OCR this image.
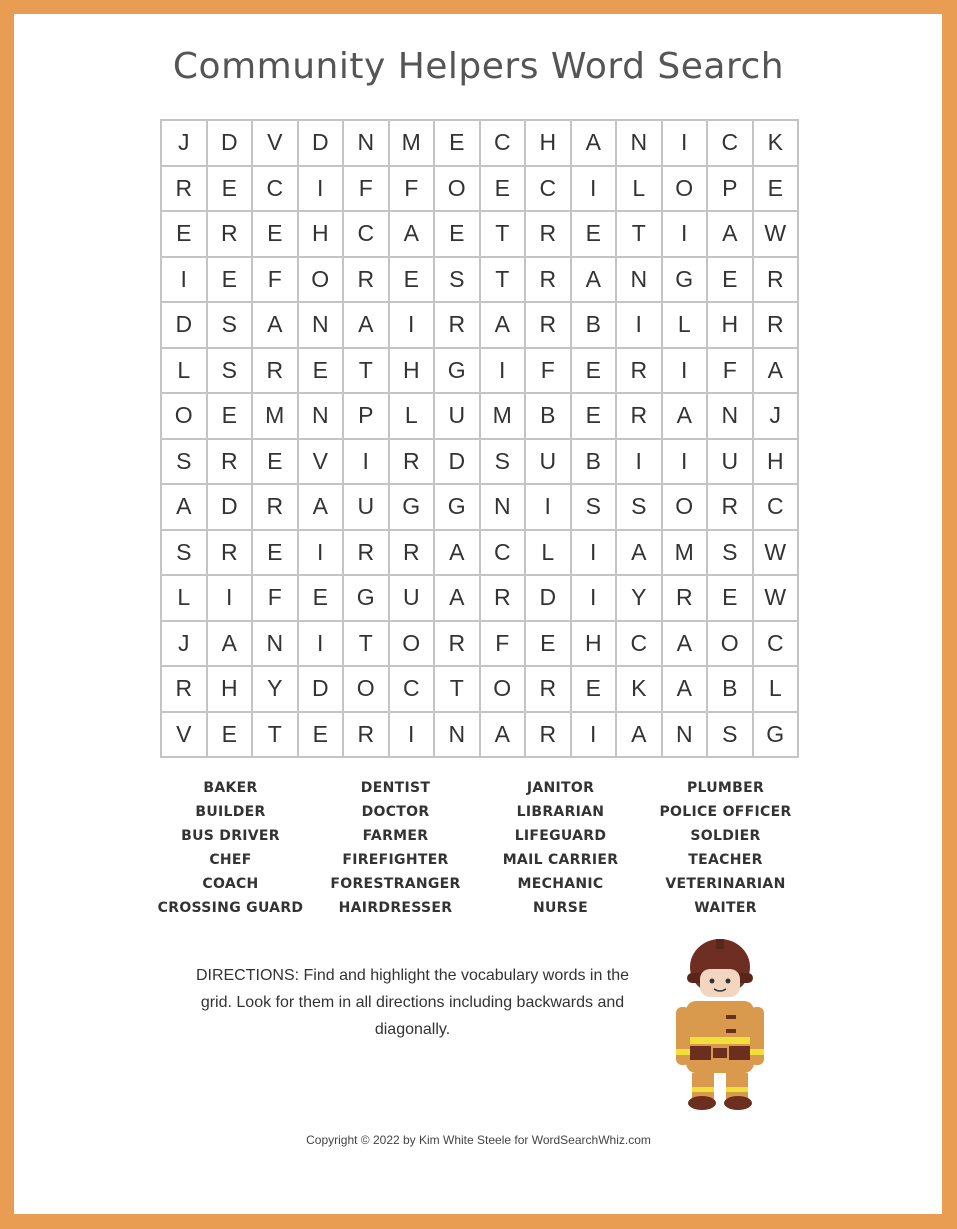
Community Helpers Word Search
J	D	V	D	N	M	E	C	H	A	N	I	C	K
R	E	C	I	F	F	O	E	C	I	L	O	P	E
E	R	E	H	C	A	E	T	R	E	T	I	A	W
I	E	F	O	R	E	S	T	R	A	N	G	E	R
D	S	A	N	A	I	R	A	R	B	I	L	H	R
L	S	R	E	T	H	G	I	F	E	R	I	F	A
O	E	M	N	P	L	U	M	B	E	R	A	N	J
S	R	E	V	I	R	D	S	U	B	I	I	U	H
A	D	R	A	U	G	G	N	I	S	S	O	R	C
S	R	E	I	R	R	A	C	L	I	A	M	S	W
L	I	F	E	G	U	A	R	D	I	Y	R	E	W
J	A	N	I	T	O	R	F	E	H	C	A	O	C
R	H	Y	D	O	C	T	O	R	E	K	A	B	L
V	E	T	E	R	I	N	A	R	I	A	N	S	G
BAKER
BUILDER
BUS DRIVER
CHEF
COACH
CROSSING GUARD
DENTIST
DOCTOR
FARMER
FIREFIGHTER
FORESTRANGER
HAIRDRESSER
JANITOR
LIBRARIAN
LIFEGUARD
MAIL CARRIER
MECHANIC
NURSE
PLUMBER
POLICE OFFICER
SOLDIER
TEACHER
VETERINARIAN
WAITER
DIRECTIONS: Find and highlight the vocabulary words in the grid. Look for them in all directions including backwards and diagonally.
Copyright © 2022 by Kim White Steele for WordSearchWhiz.com
